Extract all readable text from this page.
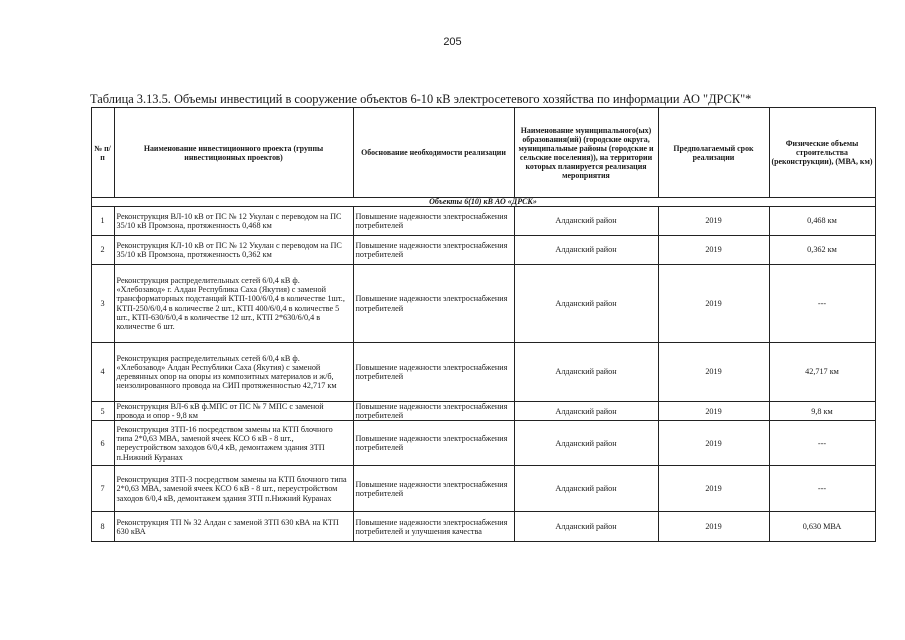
205
Таблица 3.13.5. Объемы инвестиций в сооружение объектов 6-10 кВ электросетевого хозяйства по информации АО "ДРСК"*
	№ п/п	Наименование инвестиционного проекта (группы инвестиционных проектов)	Обоснование необходимости реализации	Наименование муниципального(ых) образования(ий) (городские округа, муниципальные районы (городские и сельские поселения)), на территории которых планируется реализация мероприятия	Предполагаемый срок реализации	Физические объемы строительства (реконструкции), (МВА, км)
	Объекты 6(10) кВ АО «ДРСК»					
	1	Реконструкция ВЛ-10 кВ от ПС № 12 Укулан с переводом на ПС 35/10 кВ Промзона, протяженность 0,468 км	Повышение надежности электроснабжения потребителей	Алданский район	2019	0,468 км
	2	Реконструкция КЛ-10 кВ от ПС № 12 Укулан с переводом на ПС 35/10 кВ Промзона, протяженность 0,362 км	Повышение надежности электроснабжения потребителей	Алданский район	2019	0,362 км
	3	Реконструкция распределительных сетей 6/0,4 кВ ф. «Хлебозавод» г. Алдан Республика Саха (Якутия) с заменой трансформаторных подстанций КТП-100/6/0,4 в количестве 1шт., КТП-250/6/0,4 в количестве 2 шт., КТП 400/6/0,4 в количестве 5 шт., КТП-630/6/0,4 в количестве 12 шт., КТП 2*630/6/0,4 в количестве 6 шт.	Повышение надежности электроснабжения потребителей	Алданский район	2019	---
	4	Реконструкция распределительных сетей 6/0,4 кВ ф. «Хлебозавод» Алдан Республики Саха (Якутия) с заменой деревянных опор на опоры из композитных материалов и ж/б, неизолированного провода на СИП протяженностью 42,717 км	Повышение надежности электроснабжения потребителей	Алданский район	2019	42,717 км
	5	Реконструкция ВЛ-6 кВ ф.МПС от ПС № 7 МПС с заменой провода и опор - 9,8 км	Повышение надежности электроснабжения потребителей	Алданский район	2019	9,8 км
	6	Реконструкция ЗТП-16 посредством замены на КТП блочного типа 2*0,63 МВА, заменой ячеек КСО 6 кВ - 8 шт., переустройством заходов 6/0,4 кВ, демонтажем здания ЗТП п.Нижний Куранах	Повышение надежности электроснабжения потребителей	Алданский район	2019	---
	7	Реконструкция ЗТП-3 посредством замены на КТП блочного типа 2*0,63 МВА, заменой ячеек КСО 6 кВ - 8 шт., переустройством заходов 6/0,4 кВ, демонтажем здания ЗТП п.Нижний Куранах	Повышение надежности электроснабжения потребителей	Алданский район	2019	---
	8	Реконструкция ТП № 32 Алдан с заменой ЗТП 630 кВА на КТП 630 кВА	Повышение надежности электроснабжения потребителей и улучшения качества	Алданский район	2019	0,630 МВА
